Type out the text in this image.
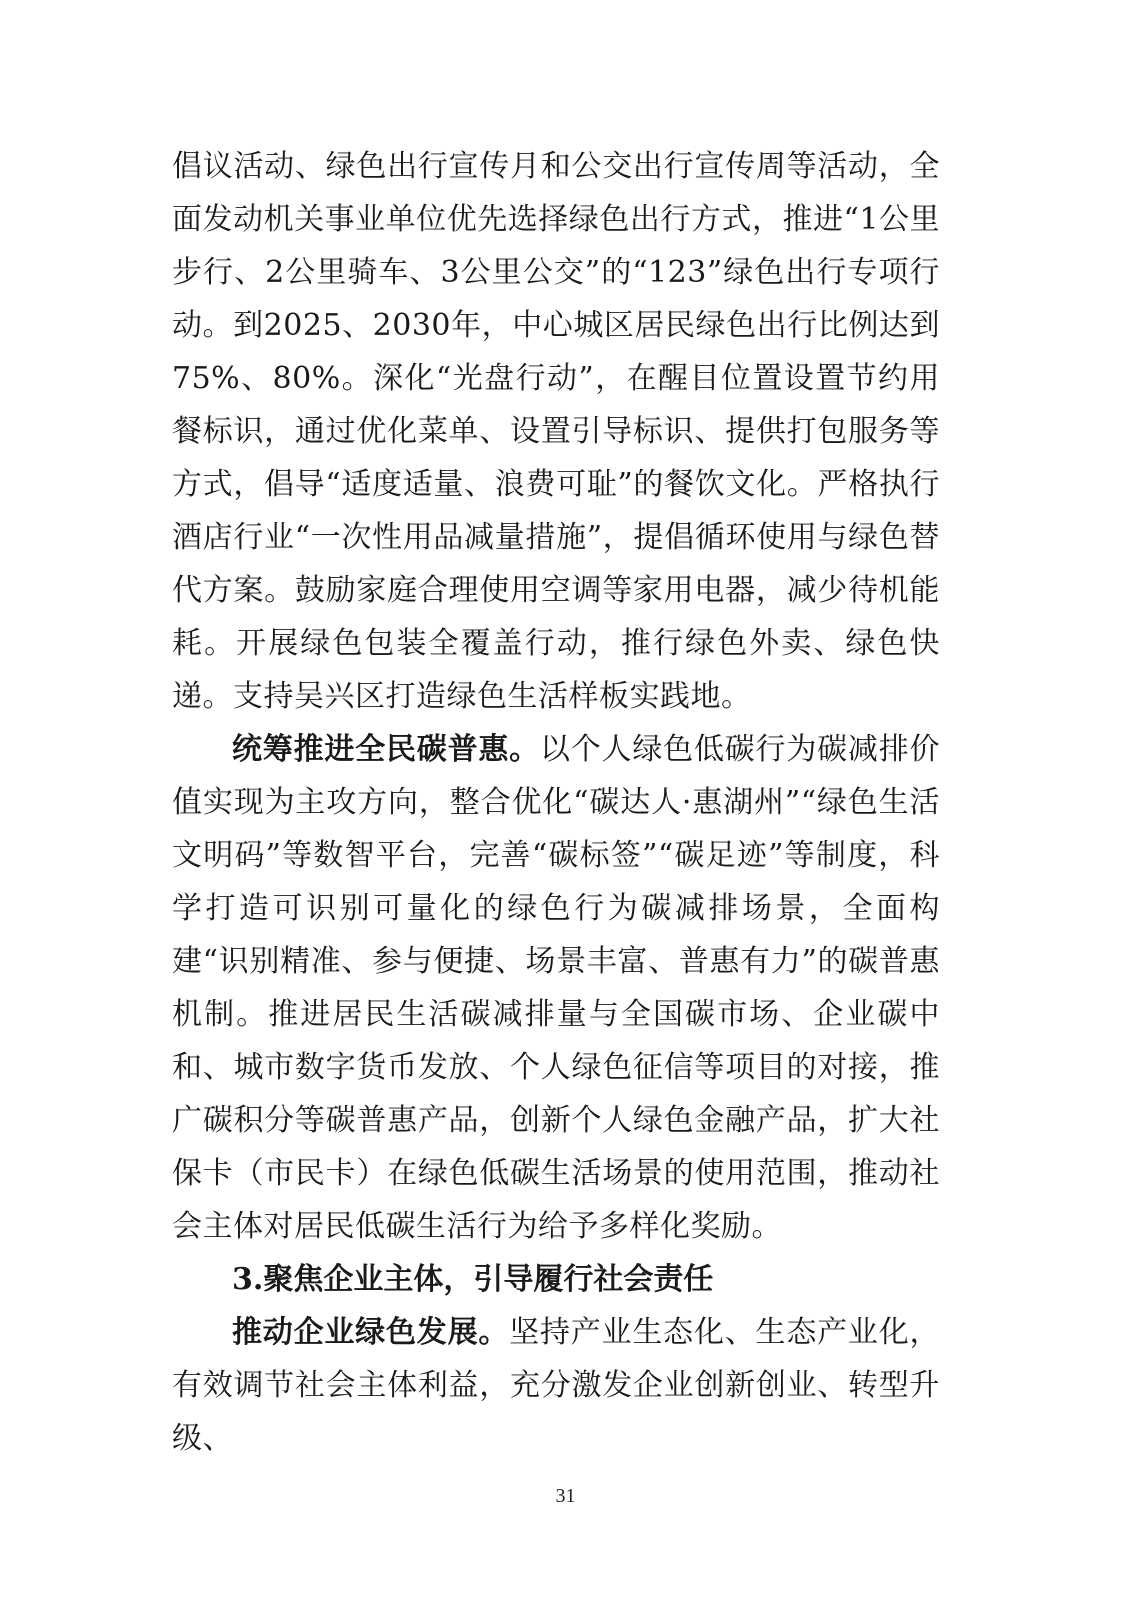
倡议活动、绿色出行宣传月和公交出行宣传周等活动，全面发动机关事业单位优先选择绿色出行方式，推进“1公里步行、2公里骑车、3公里公交”的“123”绿色出行专项行动。到2025、2030年，中心城区居民绿色出行比例达到75%、80%。深化“光盘行动”，在醒目位置设置节约用餐标识，通过优化菜单、设置引导标识、提供打包服务等方式，倡导“适度适量、浪费可耻”的餐饮文化。严格执行酒店行业“一次性用品减量措施”，提倡循环使用与绿色替代方案。鼓励家庭合理使用空调等家用电器，减少待机能耗。开展绿色包装全覆盖行动，推行绿色外卖、绿色快递。支持吴兴区打造绿色生活样板实践地。

统筹推进全民碳普惠。以个人绿色低碳行为碳减排价值实现为主攻方向，整合优化“碳达人·惠湖州”“绿色生活文明码”等数智平台，完善“碳标签”“碳足迹”等制度，科学打造可识别可量化的绿色行为碳减排场景，全面构建“识别精准、参与便捷、场景丰富、普惠有力”的碳普惠机制。推进居民生活碳减排量与全国碳市场、企业碳中和、城市数字货币发放、个人绿色征信等项目的对接，推广碳积分等碳普惠产品，创新个人绿色金融产品，扩大社保卡（市民卡）在绿色低碳生活场景的使用范围，推动社会主体对居民低碳生活行为给予多样化奖励。

3.聚焦企业主体，引导履行社会责任

推动企业绿色发展。坚持产业生态化、生态产业化，有效调节社会主体利益，充分激发企业创新创业、转型升级、

31
